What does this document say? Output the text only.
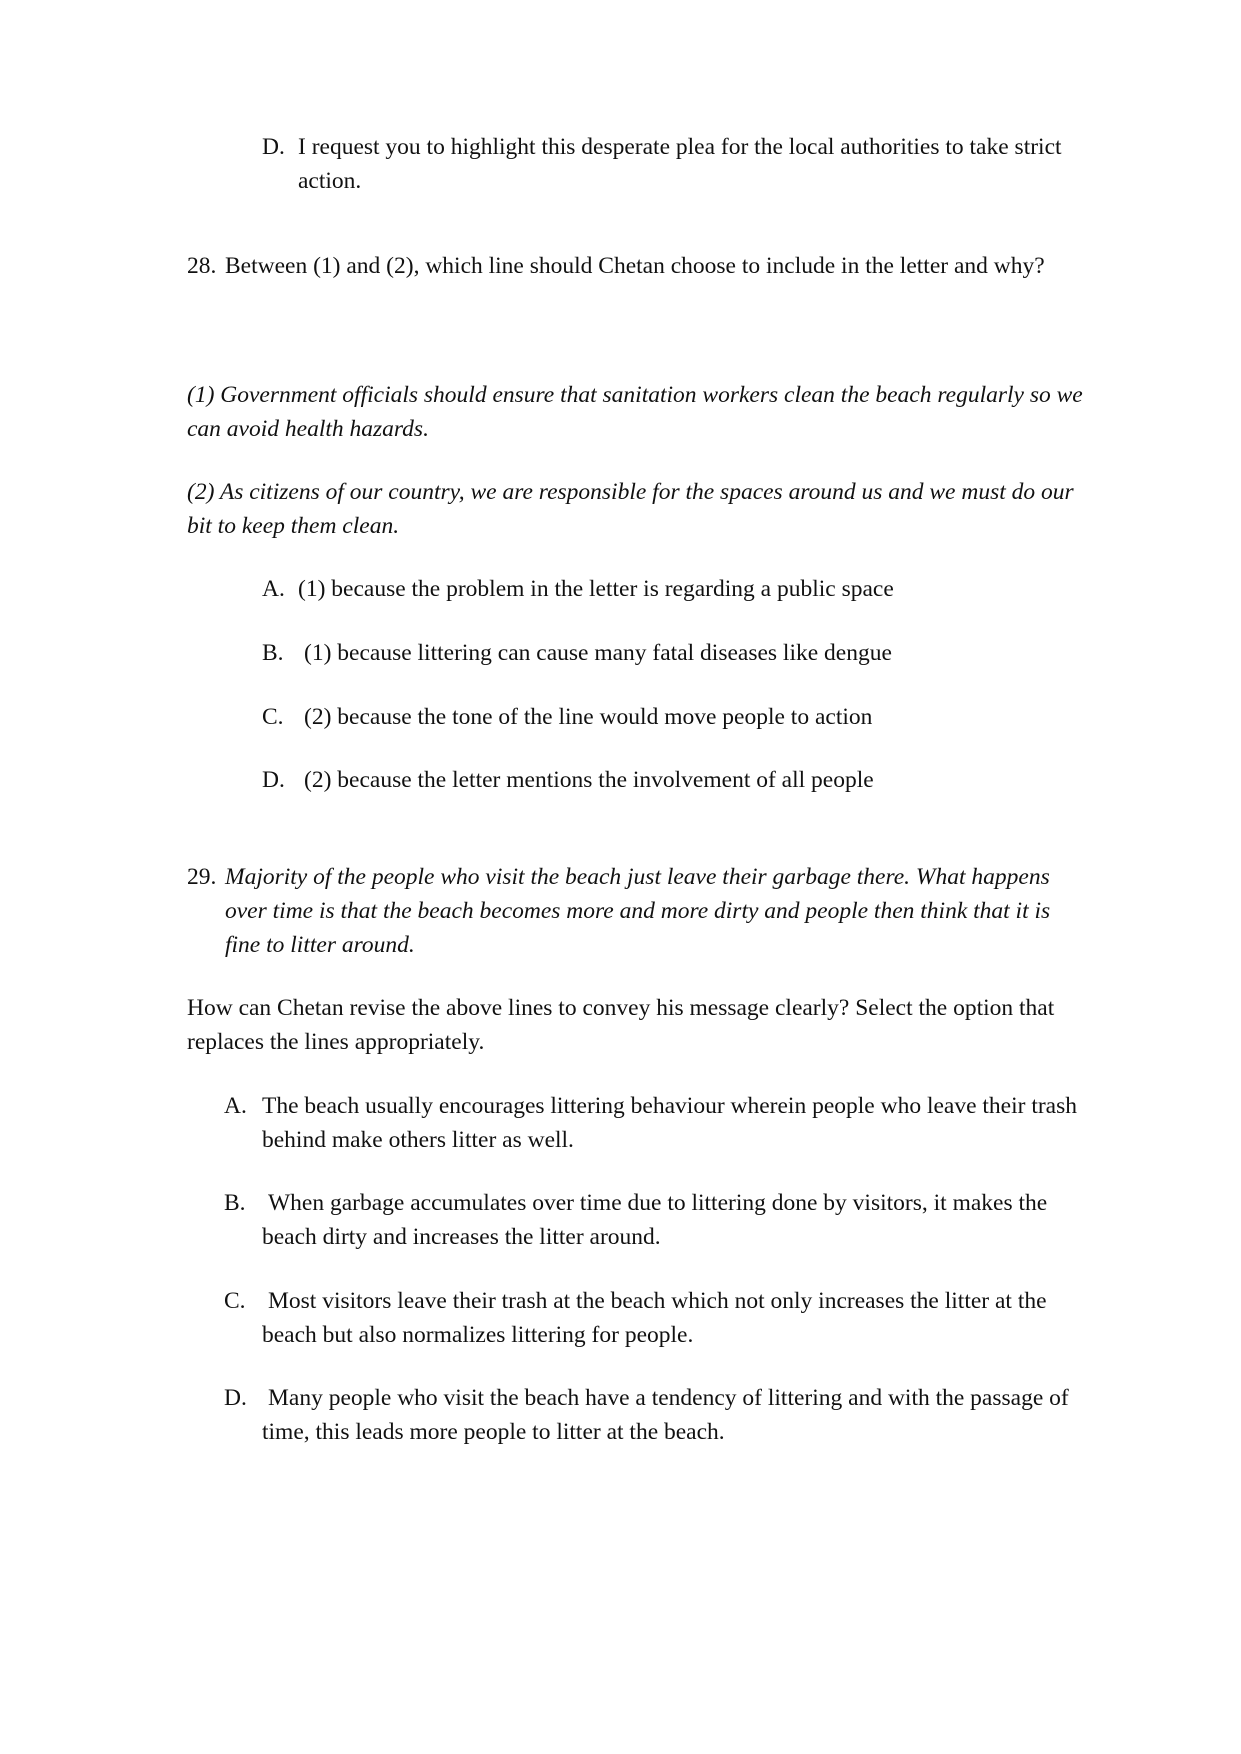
D. I request you to highlight this desperate plea for the local authorities to take strict action.
28. Between (1) and (2), which line should Chetan choose to include in the letter and why?
(1) Government officials should ensure that sanitation workers clean the beach regularly so we can avoid health hazards.
(2) As citizens of our country, we are responsible for the spaces around us and we must do our bit to keep them clean.
A. (1) because the problem in the letter is regarding a public space
B. (1) because littering can cause many fatal diseases like dengue
C. (2) because the tone of the line would move people to action
D. (2) because the letter mentions the involvement of all people
29. Majority of the people who visit the beach just leave their garbage there. What happens over time is that the beach becomes more and more dirty and people then think that it is fine to litter around.
How can Chetan revise the above lines to convey his message clearly? Select the option that replaces the lines appropriately.
A. The beach usually encourages littering behaviour wherein people who leave their trash behind make others litter as well.
B. When garbage accumulates over time due to littering done by visitors, it makes the beach dirty and increases the litter around.
C. Most visitors leave their trash at the beach which not only increases the litter at the beach but also normalizes littering for people.
D. Many people who visit the beach have a tendency of littering and with the passage of time, this leads more people to litter at the beach.
